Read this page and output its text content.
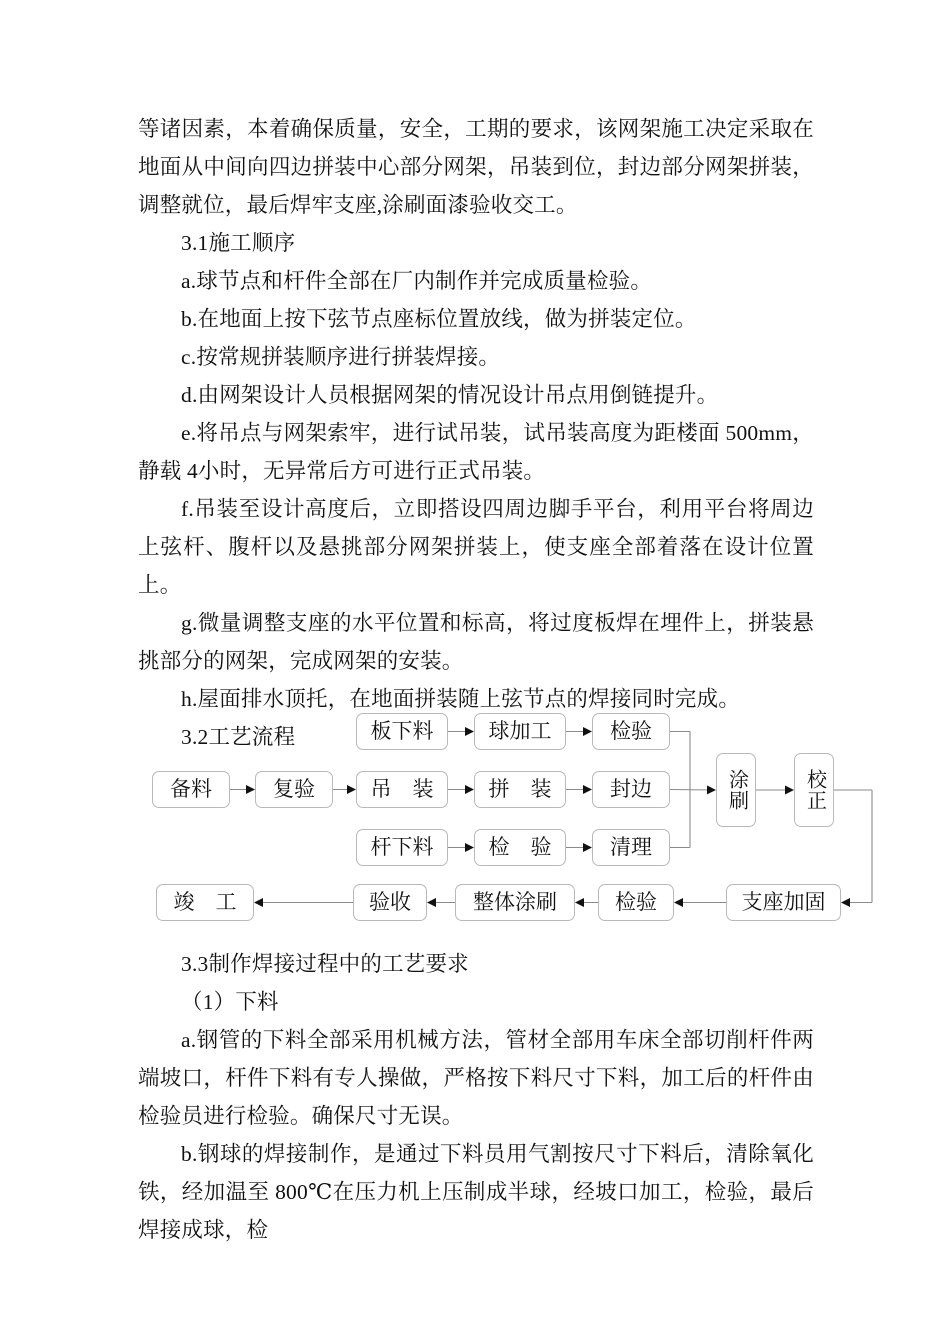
等诸因素，本着确保质量，安全，工期的要求，该网架施工决定采取在地面从中间向四边拼装中心部分网架，吊装到位，封边部分网架拼装，调整就位，最后焊牢支座,涂刷面漆验收交工。

3.1施工顺序

a.球节点和杆件全部在厂内制作并完成质量检验。

b.在地面上按下弦节点座标位置放线，做为拼装定位。

c.按常规拼装顺序进行拼装焊接。

d.由网架设计人员根据网架的情况设计吊点用倒链提升。

e.将吊点与网架索牢，进行试吊装，试吊装高度为距楼面 500mm，静载 4小时，无异常后方可进行正式吊装。

f.吊装至设计高度后，立即搭设四周边脚手平台，利用平台将周边上弦杆、腹杆以及悬挑部分网架拼装上，使支座全部着落在设计位置上。

g.微量调整支座的水平位置和标高，将过度板焊在埋件上，拼装悬挑部分的网架，完成网架的安装。

h.屋面排水顶托，在地面拼装随上弦节点的焊接同时完成。

3.2工艺流程

备料	复验
板下料
吊　装
杆下料
球加工
拼　装
检　验
检验
封边
清理
涂刷	校正
竣　工	验收	整体涂刷	检验	支座加固

3.3制作焊接过程中的工艺要求

（1）下料

a.钢管的下料全部采用机械方法，管材全部用车床全部切削杆件两端坡口，杆件下料有专人操做，严格按下料尺寸下料，加工后的杆件由检验员进行检验。确保尺寸无误。

b.钢球的焊接制作，是通过下料员用气割按尺寸下料后，清除氧化铁，经加温至 800℃在压力机上压制成半球，经坡口加工，检验，最后焊接成球，检
